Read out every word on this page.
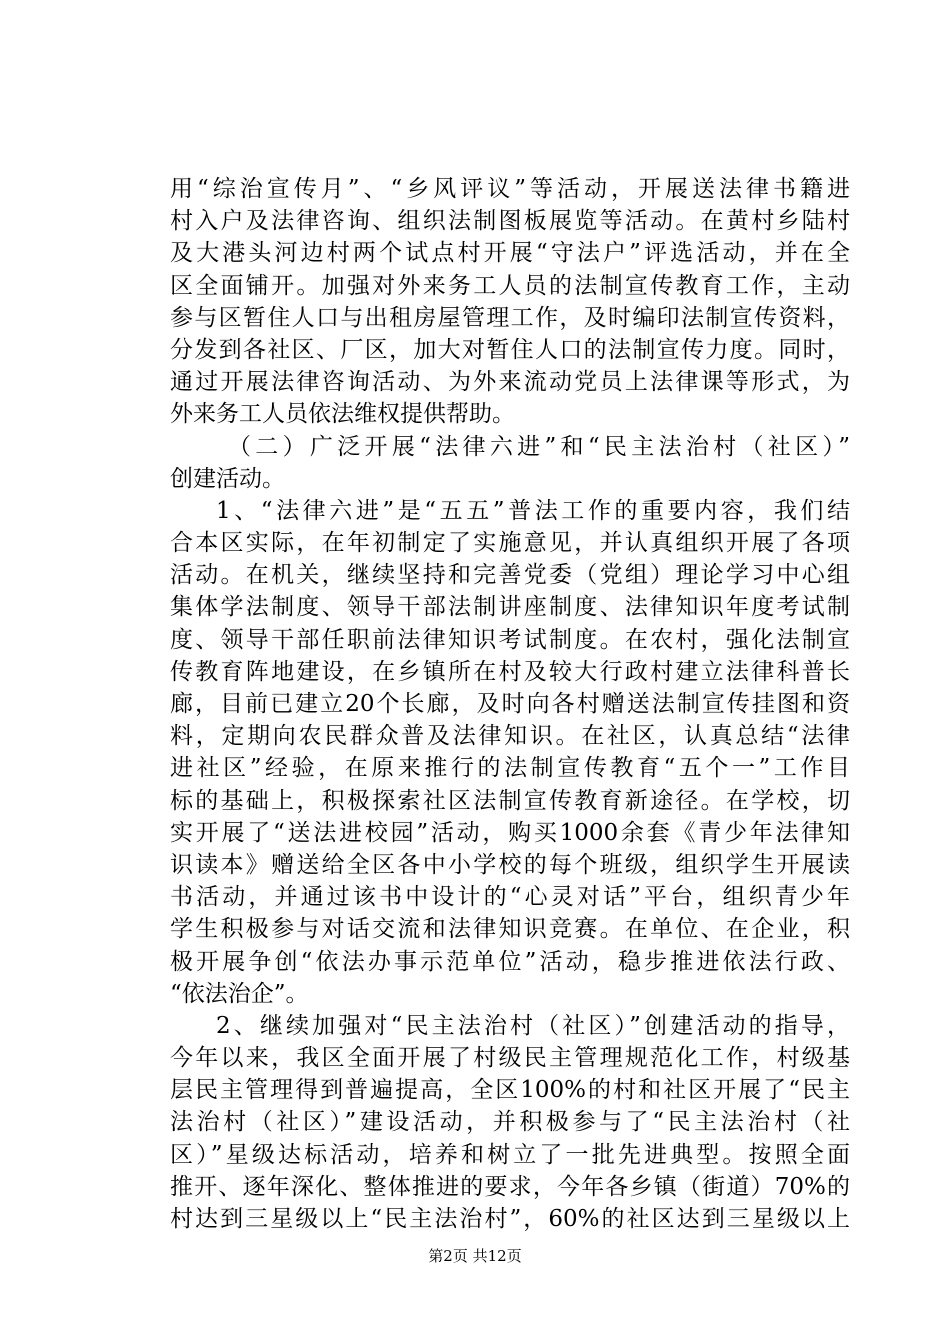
用“综治宣传月”、“乡风评议”等活动，开展送法律书籍进
村入户及法律咨询、组织法制图板展览等活动。在黄村乡陆村
及大港头河边村两个试点村开展“守法户”评选活动，并在全
区全面铺开。加强对外来务工人员的法制宣传教育工作，主动
参与区暂住人口与出租房屋管理工作，及时编印法制宣传资料，
分发到各社区、厂区，加大对暂住人口的法制宣传力度。同时，
通过开展法律咨询活动、为外来流动党员上法律课等形式，为
外来务工人员依法维权提供帮助。
（二）广泛开展“法律六进”和“民主法治村（社区）”
创建活动。
1、“法律六进”是“五五”普法工作的重要内容，我们结
合本区实际，在年初制定了实施意见，并认真组织开展了各项
活动。在机关，继续坚持和完善党委（党组）理论学习中心组
集体学法制度、领导干部法制讲座制度、法律知识年度考试制
度、领导干部任职前法律知识考试制度。在农村，强化法制宣
传教育阵地建设，在乡镇所在村及较大行政村建立法律科普长
廊，目前已建立20个长廊，及时向各村赠送法制宣传挂图和资
料，定期向农民群众普及法律知识。在社区，认真总结“法律
进社区”经验，在原来推行的法制宣传教育“五个一”工作目
标的基础上，积极探索社区法制宣传教育新途径。在学校，切
实开展了“送法进校园”活动，购买1000余套《青少年法律知
识读本》赠送给全区各中小学校的每个班级，组织学生开展读
书活动，并通过该书中设计的“心灵对话”平台，组织青少年
学生积极参与对话交流和法律知识竞赛。在单位、在企业，积
极开展争创“依法办事示范单位”活动，稳步推进依法行政、
“依法治企”。
2、继续加强对“民主法治村（社区）”创建活动的指导，
今年以来，我区全面开展了村级民主管理规范化工作，村级基
层民主管理得到普遍提高，全区100%的村和社区开展了“民主
法治村（社区）”建设活动，并积极参与了“民主法治村（社
区）”星级达标活动，培养和树立了一批先进典型。按照全面
推开、逐年深化、整体推进的要求，今年各乡镇（街道）70%的
村达到三星级以上“民主法治村”，60%的社区达到三星级以上
第2页 共12页
